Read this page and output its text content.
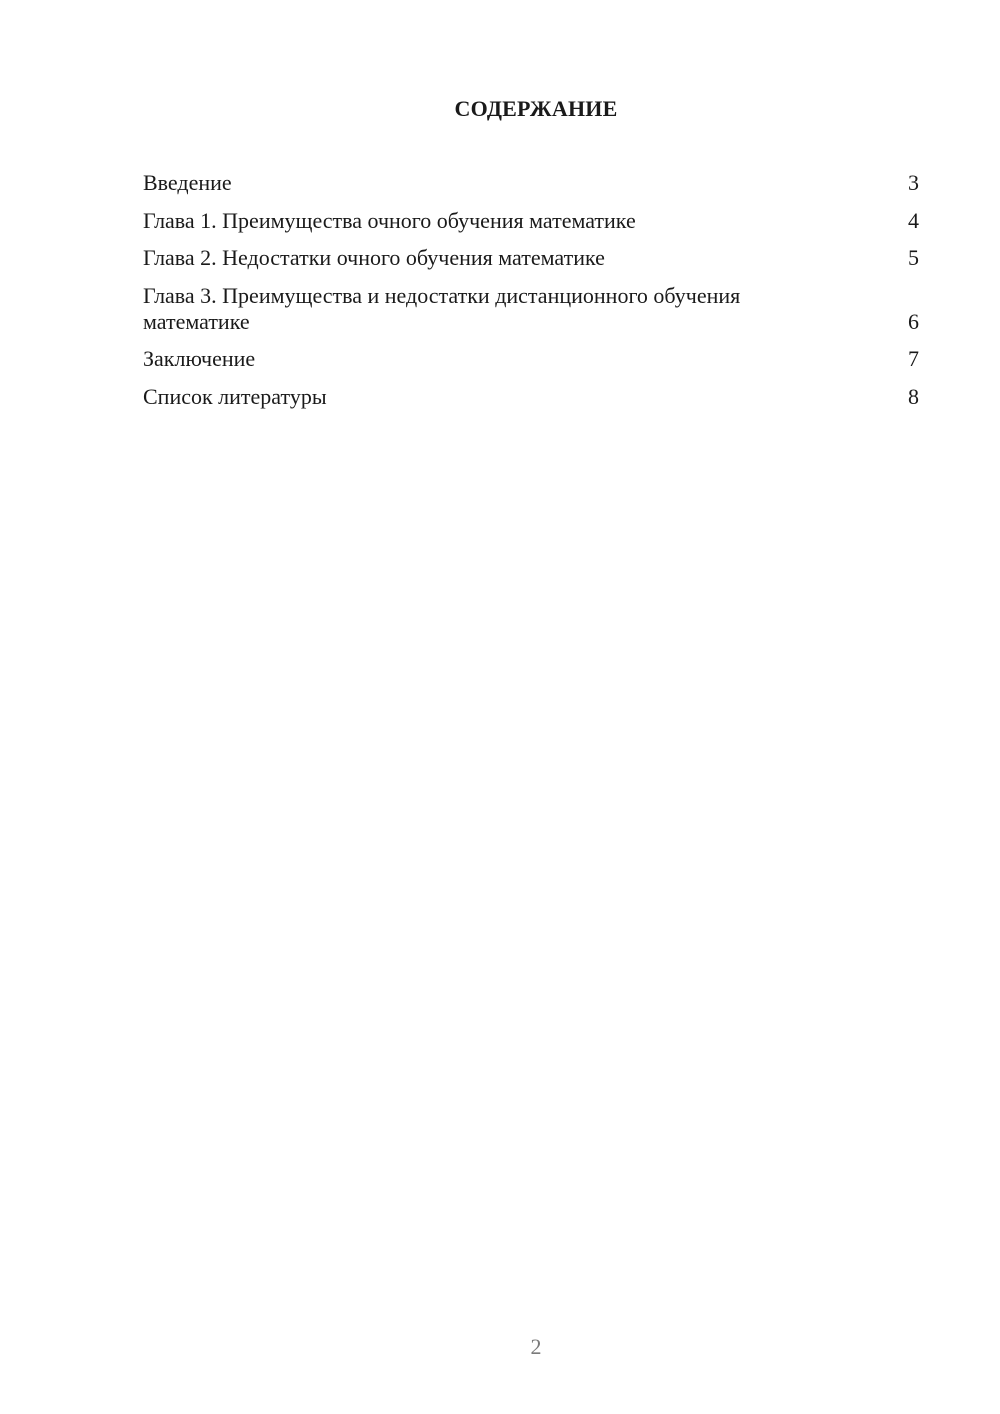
СОДЕРЖАНИЕ
Введение	3
Глава 1. Преимущества очного обучения математике	4
Глава 2. Недостатки очного обучения математике	5
Глава 3. Преимущества и недостатки дистанционного обучения математике	6
Заключение	7
Список литературы	8
2
